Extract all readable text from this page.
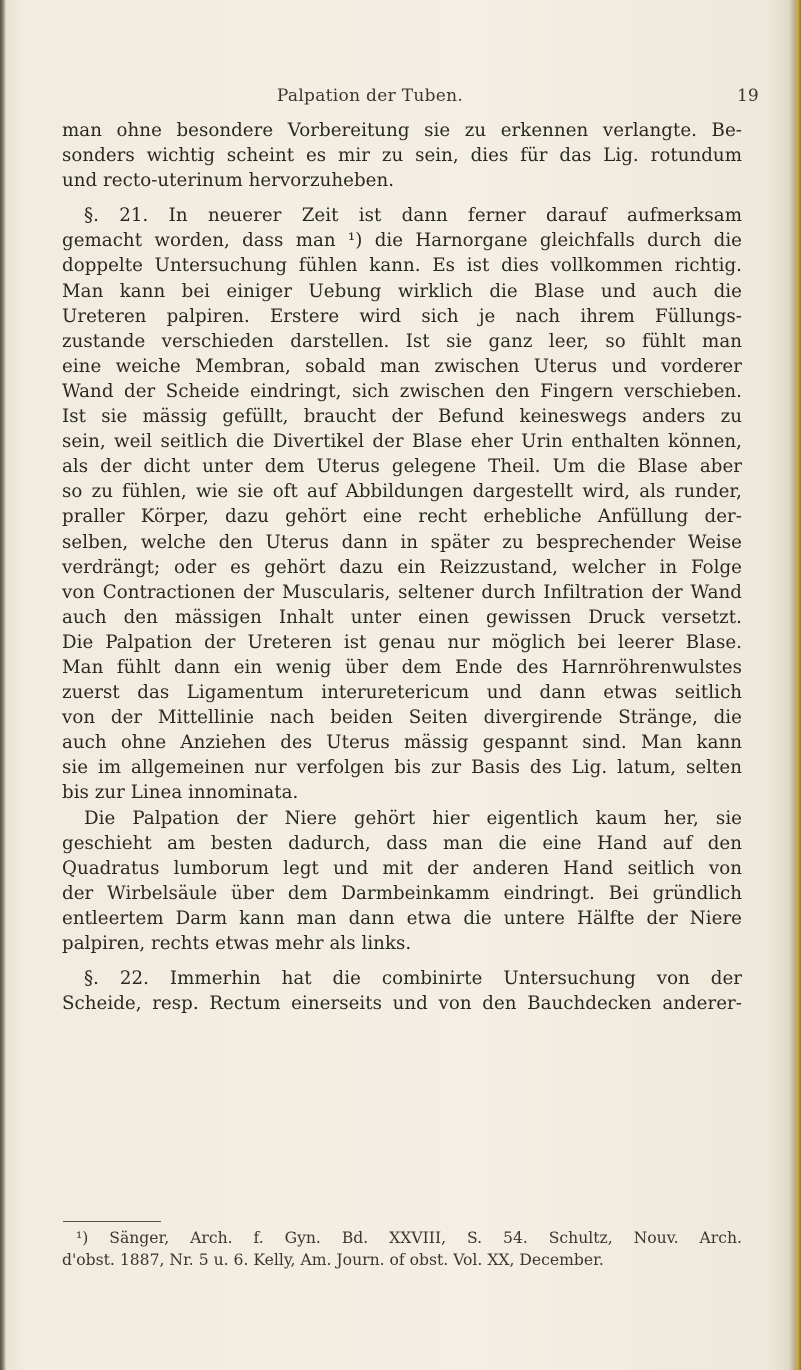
Palpation der Tuben.	19
man ohne besondere Vorbereitung sie zu erkennen verlangte. Be-
sonders wichtig scheint es mir zu sein, dies für das Lig. rotundum
und recto-uterinum hervorzuheben.
§. 21. In neuerer Zeit ist dann ferner darauf aufmerksam
gemacht worden, dass man ¹) die Harnorgane gleichfalls durch die
doppelte Untersuchung fühlen kann. Es ist dies vollkommen richtig.
Man kann bei einiger Uebung wirklich die Blase und auch die
Ureteren palpiren. Erstere wird sich je nach ihrem Füllungs-
zustande verschieden darstellen. Ist sie ganz leer, so fühlt man
eine weiche Membran, sobald man zwischen Uterus und vorderer
Wand der Scheide eindringt, sich zwischen den Fingern verschieben.
Ist sie mässig gefüllt, braucht der Befund keineswegs anders zu
sein, weil seitlich die Divertikel der Blase eher Urin enthalten können,
als der dicht unter dem Uterus gelegene Theil. Um die Blase aber
so zu fühlen, wie sie oft auf Abbildungen dargestellt wird, als runder,
praller Körper, dazu gehört eine recht erhebliche Anfüllung der-
selben, welche den Uterus dann in später zu besprechender Weise
verdrängt; oder es gehört dazu ein Reizzustand, welcher in Folge
von Contractionen der Muscularis, seltener durch Infiltration der Wand
auch den mässigen Inhalt unter einen gewissen Druck versetzt.
Die Palpation der Ureteren ist genau nur möglich bei leerer Blase.
Man fühlt dann ein wenig über dem Ende des Harnröhrenwulstes
zuerst das Ligamentum interuretericum und dann etwas seitlich
von der Mittellinie nach beiden Seiten divergirende Stränge, die
auch ohne Anziehen des Uterus mässig gespannt sind. Man kann
sie im allgemeinen nur verfolgen bis zur Basis des Lig. latum, selten
bis zur Linea innominata.
Die Palpation der Niere gehört hier eigentlich kaum her, sie
geschieht am besten dadurch, dass man die eine Hand auf den
Quadratus lumborum legt und mit der anderen Hand seitlich von
der Wirbelsäule über dem Darmbeinkamm eindringt. Bei gründlich
entleertem Darm kann man dann etwa die untere Hälfte der Niere
palpiren, rechts etwas mehr als links.
§. 22. Immerhin hat die combinirte Untersuchung von der
Scheide, resp. Rectum einerseits und von den Bauchdecken anderer-
¹) Sänger, Arch. f. Gyn. Bd. XXVIII, S. 54. Schultz, Nouv. Arch.
d'obst. 1887, Nr. 5 u. 6. Kelly, Am. Journ. of obst. Vol. XX, December.
